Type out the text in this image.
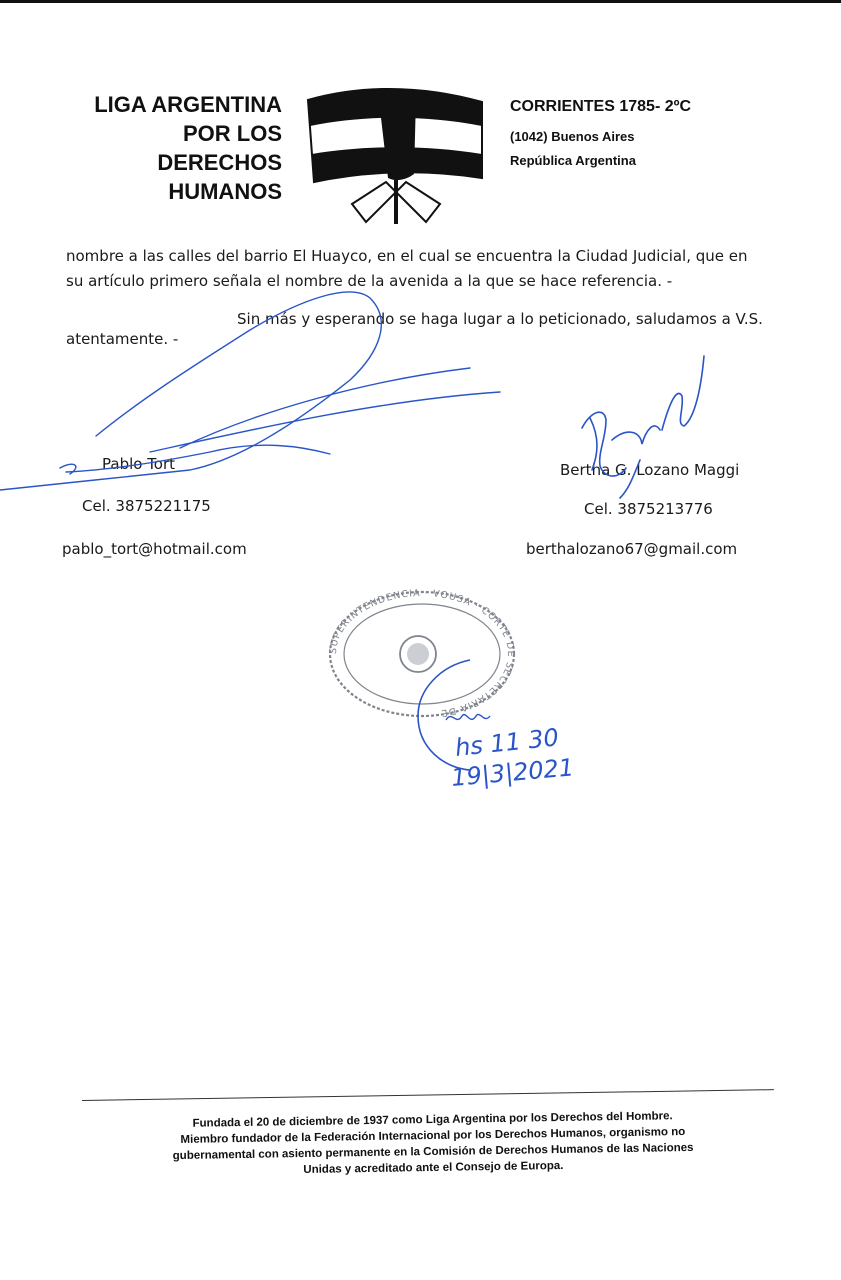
LIGA ARGENTINA
POR LOS
DERECHOS
HUMANOS
CORRIENTES 1785- 2ºC
(1042) Buenos Aires
República Argentina
nombre a las calles del barrio El Huayco, en el cual se encuentra la Ciudad Judicial, que en
su artículo primero señala el nombre de la avenida a la que se hace referencia. -
Sin más y esperando se haga lugar a lo peticionado, saludamos a V.S.
atentamente. -
Pablo Tort
Cel. 3875221175
pablo_tort@hotmail.com
Bertha G. Lozano Maggi
Cel. 3875213776
berthalozano67@gmail.com
SUPERINTENDENCIA · VOUSA · CORTE DE SECRETARIA DE
hs 11 30
19|3|2021
Fundada el 20 de diciembre de 1937 como Liga Argentina por los Derechos del Hombre.
Miembro fundador de la Federación Internacional por los Derechos Humanos, organismo no
gubernamental con asiento permanente en la Comisión de Derechos Humanos de las Naciones
Unidas y acreditado ante el Consejo de Europa.
